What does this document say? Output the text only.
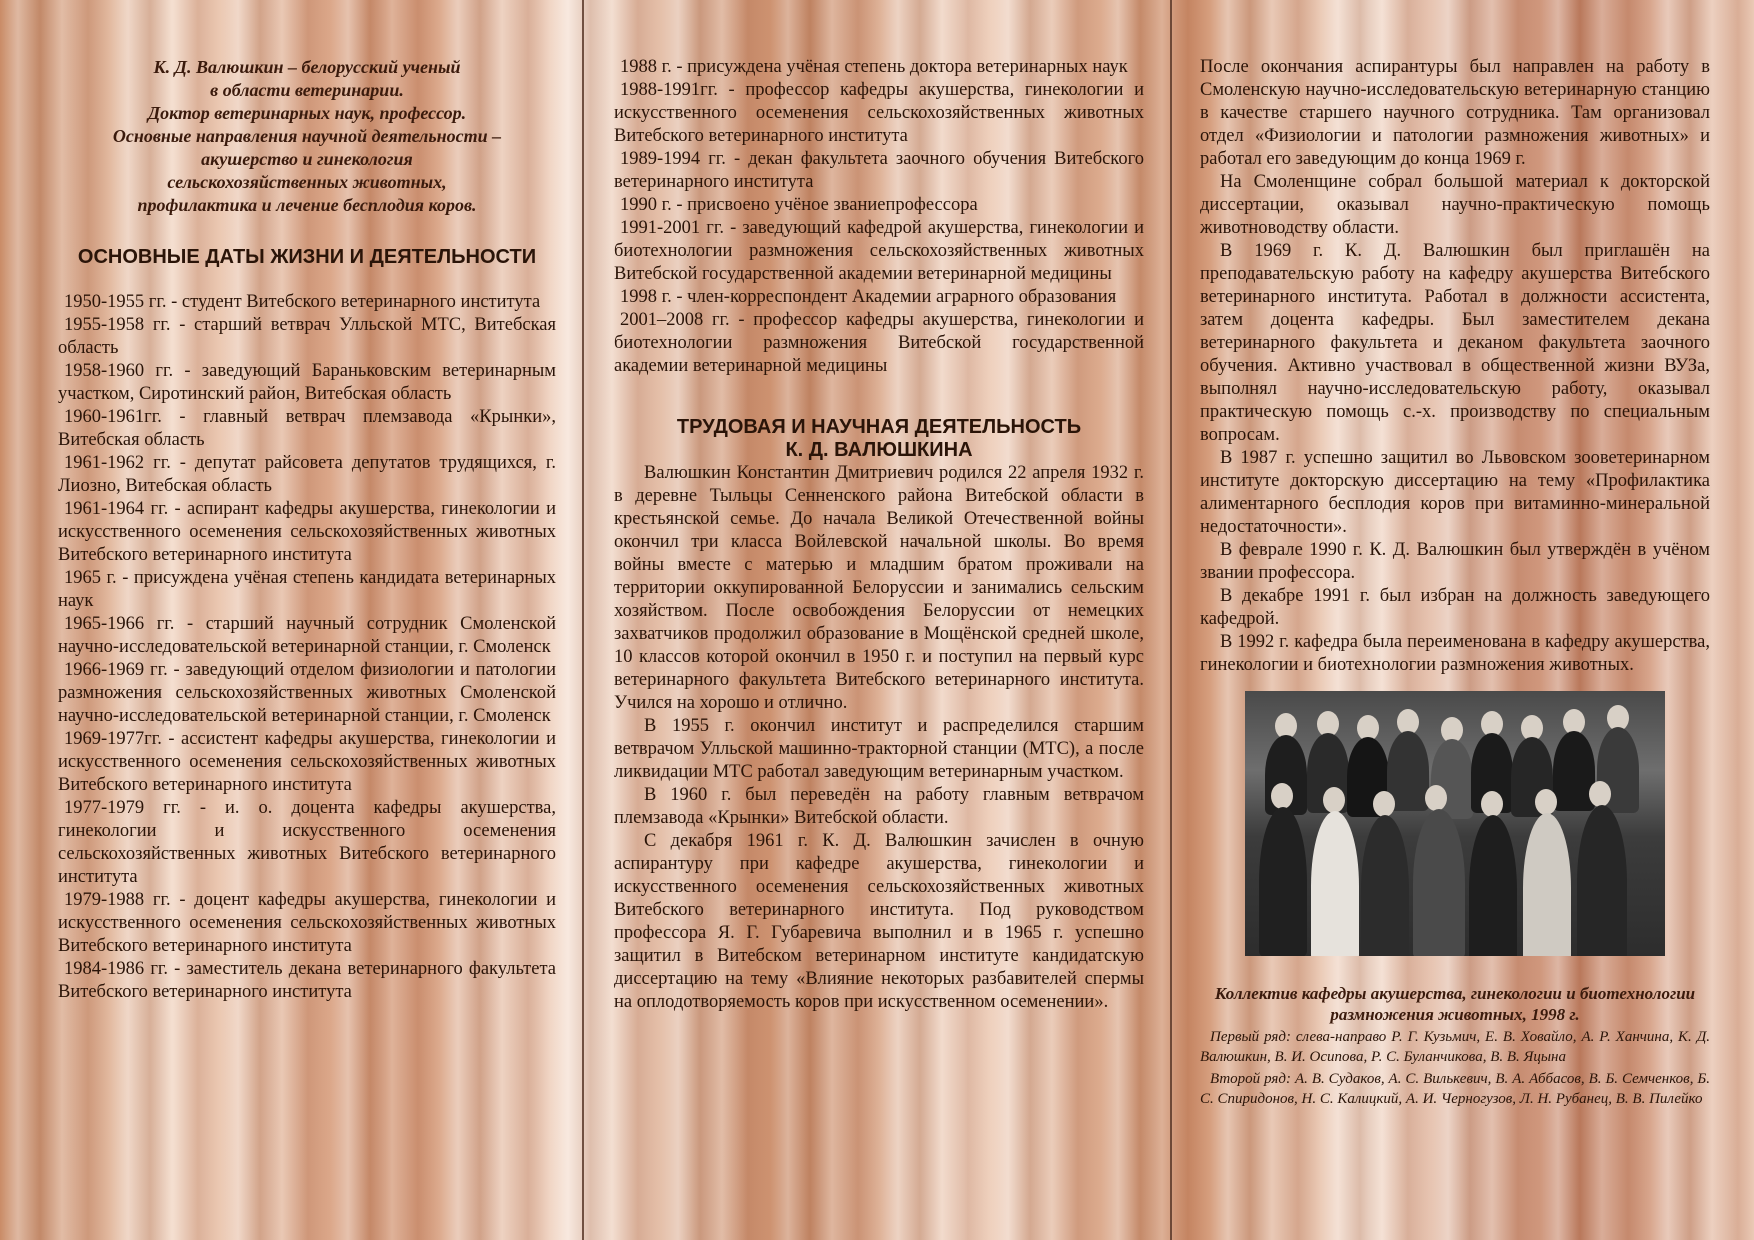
К. Д. Валюшкин – белорусский ученый
в области ветеринарии.
Доктор ветеринарных наук, профессор.
Основные направления научной деятельности –
акушерство и гинекология
сельскохозяйственных животных,
профилактика и лечение бесплодия коров.
ОСНОВНЫЕ ДАТЫ ЖИЗНИ И ДЕЯТЕЛЬНОСТИ

1950-1955 гг. - студент Витебского ветеринарного института

1955-1958 гг. - старший ветврач Улльской МТС, Витебская область

1958-1960 гг. - заведующий Бараньковским ветеринарным участком, Сиротинский район, Витебская область

1960-1961гг. - главный ветврач племзавода «Крынки», Витебская область

1961-1962 гг. - депутат райсовета депутатов трудящихся, г. Лиозно, Витебская область

1961-1964 гг. - аспирант кафедры акушерства, гинекологии и искусственного осеменения сельскохозяйственных животных Витебского ветеринарного института

1965 г. - присуждена учёная степень кандидата ветеринарных наук

1965-1966 гг. - старший научный сотрудник Смоленской научно-исследовательской ветеринарной станции, г. Смоленск

1966-1969 гг. - заведующий отделом физиологии и патологии размножения сельскохозяйственных животных Смоленской научно-исследовательской ветеринарной станции, г. Смоленск

1969-1977гг. - ассистент кафедры акушерства, гинекологии и искусственного осеменения сельскохозяйственных животных Витебского ветеринарного института

1977-1979 гг. - и. о. доцента кафедры акушерства, гинекологии и искусственного осеменения сельскохозяйственных животных Витебского ветеринарного института

1979-1988 гг. - доцент кафедры акушерства, гинекологии и искусственного осеменения сельскохозяйственных животных Витебского ветеринарного института

1984-1986 гг. - заместитель декана ветеринарного факультета Витебского ветеринарного института

1988 г. - присуждена учёная степень доктора ветеринарных наук

1988-1991гг. - профессор кафедры акушерства, гинекологии и искусственного осеменения сельскохозяйственных животных Витебского ветеринарного института

1989-1994 гг. - декан факультета заочного обучения Витебского ветеринарного института

1990 г. - присвоено учёное званиепрофессора

1991-2001 гг. - заведующий кафедрой акушерства, гинекологии и биотехнологии размножения сельскохозяйственных животных Витебской государственной академии ветеринарной медицины

1998 г. - член-корреспондент Академии аграрного образования

2001–2008 гг. - профессор кафедры акушерства, гинекологии и биотехнологии размножения Витебской государственной академии ветеринарной медицины

ТРУДОВАЯ И НАУЧНАЯ ДЕЯТЕЛЬНОСТЬ
К. Д. ВАЛЮШКИНА

Валюшкин Константин Дмитриевич родился 22 апреля 1932 г. в деревне Тыльцы Сенненского района Витебской области в крестьянской семье. До начала Великой Отечественной войны окончил три класса Войлевской начальной школы. Во время войны вместе с матерью и младшим братом проживали на территории оккупированной Белоруссии и занимались сельским хозяйством. После освобождения Белоруссии от немецких захватчиков продолжил образование в Мощёнской средней школе, 10 классов которой окончил в 1950 г. и поступил на первый курс ветеринарного факультета Витебского ветеринарного института. Учился на хорошо и отлично.

В 1955 г. окончил институт и распределился старшим ветврачом Улльской машинно-тракторной станции (МТС), а после ликвидации МТС работал заведующим ветеринарным участком.

В 1960 г. был переведён на работу главным ветврачом племзавода «Крынки» Витебской области.

С декабря 1961 г. К. Д. Валюшкин зачислен в очную аспирантуру при кафедре акушерства, гинекологии и искусственного осеменения сельскохозяйственных животных Витебского ветеринарного института. Под руководством профессора Я. Г. Губаревича выполнил и в 1965 г. успешно защитил в Витебском ветеринарном институте кандидатскую диссертацию на тему «Влияние некоторых разбавителей спермы на оплодотворяемость коров при искусственном осеменении».

После окончания аспирантуры был направлен на работу в Смоленскую научно-исследовательскую ветеринарную станцию в качестве старшего научного сотрудника. Там организовал отдел «Физиологии и патологии размножения животных» и работал его заведующим до конца 1969 г.

На Смоленщине собрал большой материал к докторской диссертации, оказывал научно-практическую помощь животноводству области.

В 1969 г. К. Д. Валюшкин был приглашён на преподавательскую работу на кафедру акушерства Витебского ветеринарного института. Работал в должности ассистента, затем доцента кафедры. Был заместителем декана ветеринарного факультета и деканом факультета заочного обучения. Активно участвовал в общественной жизни ВУЗа, выполнял научно-исследовательскую работу, оказывал практическую помощь с.-х. производству по специальным вопросам.

В 1987 г. успешно защитил во Львовском зооветеринарном институте докторскую диссертацию на тему «Профилактика алиментарного бесплодия коров при витаминно-минеральной недостаточности».

В феврале 1990 г. К. Д. Валюшкин был утверждён в учёном звании профессора.

В декабре 1991 г. был избран на должность заведующего кафедрой.

В 1992 г. кафедра была переименована в кафедру акушерства, гинекологии и биотехнологии размножения животных.

Коллектив кафедры акушерства, гинекологии и биотехнологии размножения животных, 1998 г.

Первый ряд: слева-направо Р. Г. Кузьмич, Е. В. Ховайло, А. Р. Ханчина, К. Д. Валюшкин, В. И. Осипова, Р. С. Буланчикова, В. В. Яцына

Второй ряд: А. В. Судаков, А. С. Вилькевич, В. А. Аббасов, В. Б. Семченков, Б. С. Спиридонов, Н. С. Калицкий, А. И. Черногузов, Л. Н. Рубанец, В. В. Пилейко
